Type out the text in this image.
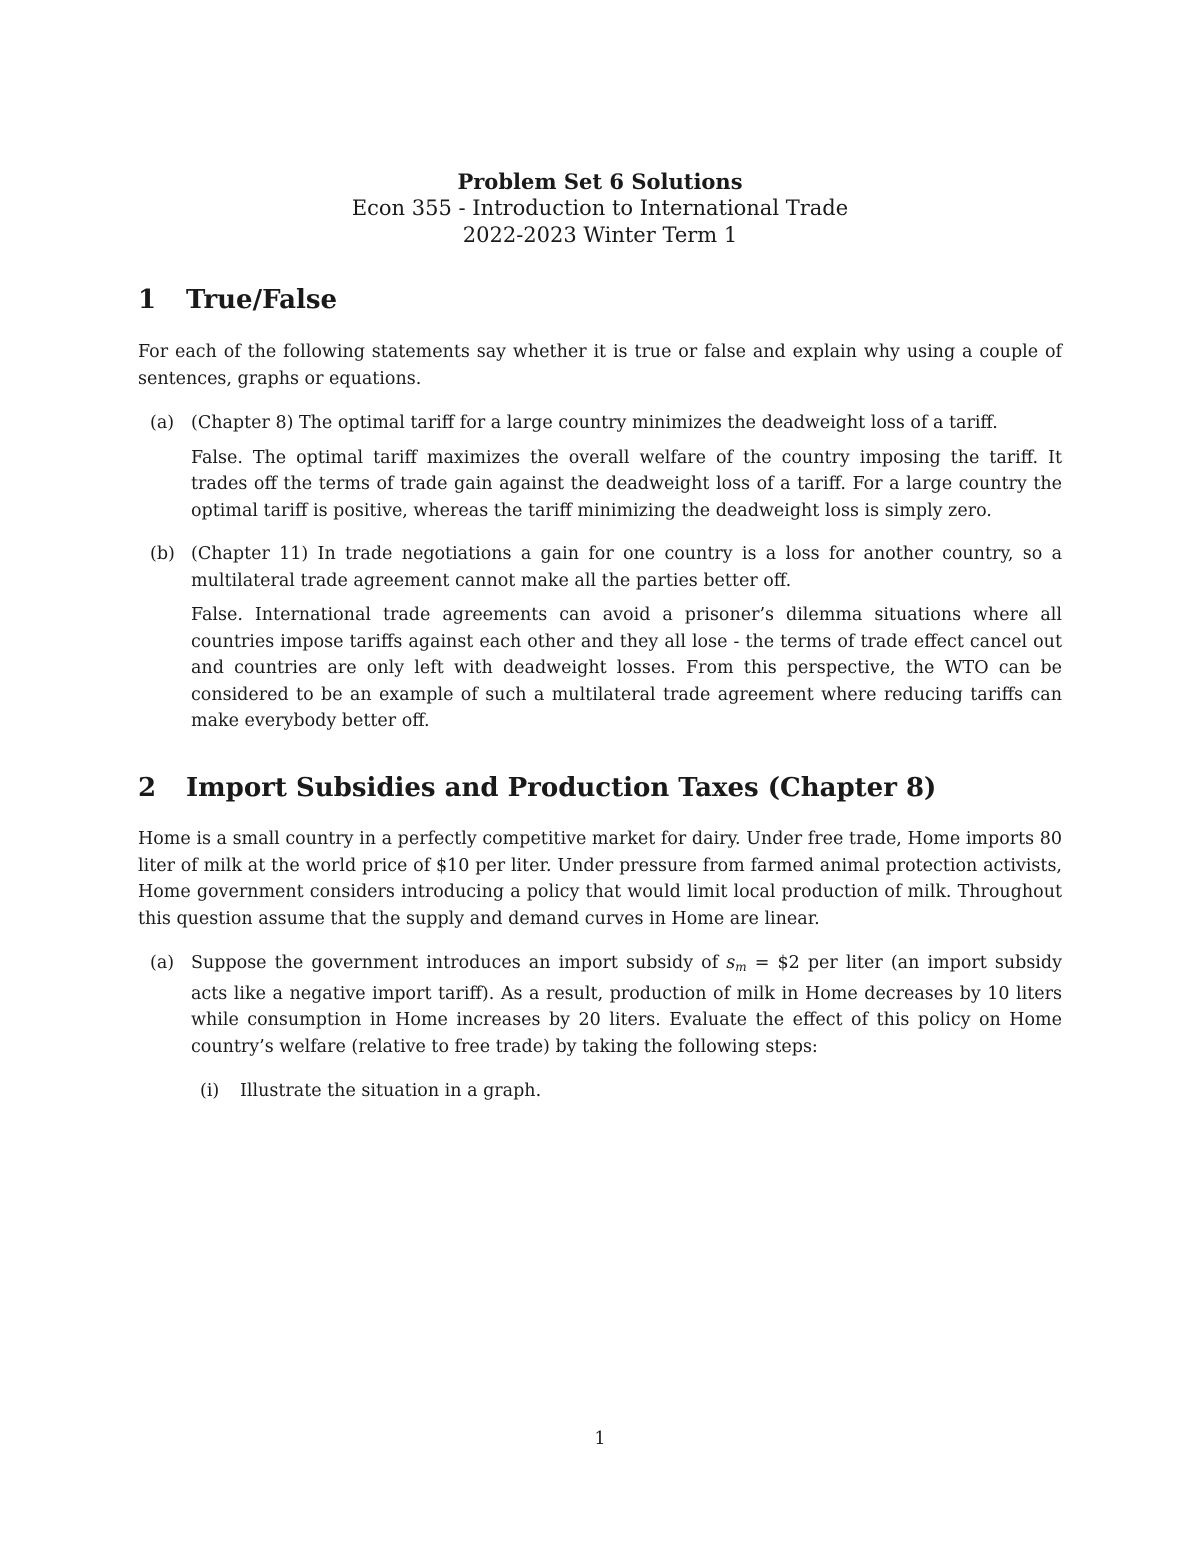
Problem Set 6 Solutions
Econ 355 - Introduction to International Trade
2022-2023 Winter Term 1
1 True/False
For each of the following statements say whether it is true or false and explain why using a couple of sentences, graphs or equations.
(a) (Chapter 8) The optimal tariff for a large country minimizes the deadweight loss of a tariff.
False. The optimal tariff maximizes the overall welfare of the country imposing the tariff. It trades off the terms of trade gain against the deadweight loss of a tariff. For a large country the optimal tariff is positive, whereas the tariff minimizing the deadweight loss is simply zero.
(b) (Chapter 11) In trade negotiations a gain for one country is a loss for another country, so a multilateral trade agreement cannot make all the parties better off.
False. International trade agreements can avoid a prisoner’s dilemma situations where all countries impose tariffs against each other and they all lose - the terms of trade effect cancel out and countries are only left with deadweight losses. From this perspective, the WTO can be considered to be an example of such a multilateral trade agreement where reducing tariffs can make everybody better off.
2 Import Subsidies and Production Taxes (Chapter 8)
Home is a small country in a perfectly competitive market for dairy. Under free trade, Home imports 80 liter of milk at the world price of $10 per liter. Under pressure from farmed animal protection activists, Home government considers introducing a policy that would limit local production of milk. Throughout this question assume that the supply and demand curves in Home are linear.
(a) Suppose the government introduces an import subsidy of $s_m$ = $2 per liter (an import subsidy acts like a negative import tariff). As a result, production of milk in Home decreases by 10 liters while consumption in Home increases by 20 liters. Evaluate the effect of this policy on Home country’s welfare (relative to free trade) by taking the following steps:
(i) Illustrate the situation in a graph.
1
